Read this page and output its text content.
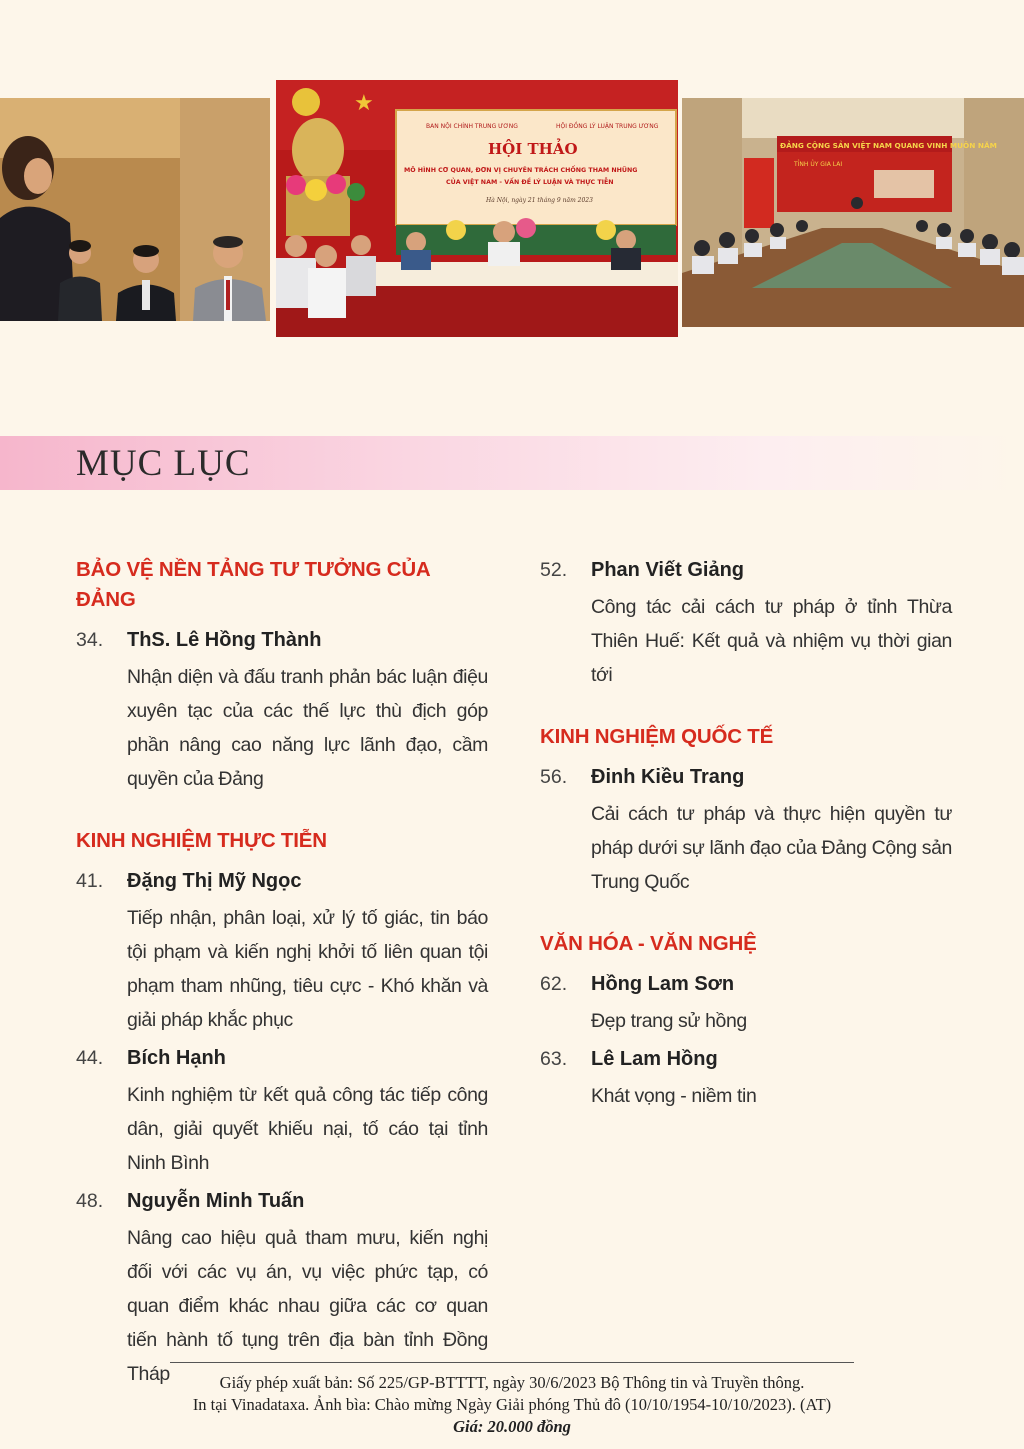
★
BAN NỘI CHÍNH TRUNG ƯƠNG	HỘI ĐỒNG LÝ LUẬN TRUNG ƯƠNG
HỘI THẢO
MÔ HÌNH CƠ QUAN, ĐƠN VỊ CHUYÊN TRÁCH CHỐNG THAM NHŨNG
CỦA VIỆT NAM - VẤN ĐỀ LÝ LUẬN VÀ THỰC TIỄN
Hà Nội, ngày 21 tháng 9 năm 2023
ĐẢNG CỘNG SẢN VIỆT NAM QUANG VINH MUÔN NĂM
TỈNH ỦY GIA LAI
MỤC LỤC
BẢO VỆ NỀN TẢNG TƯ TƯỞNG CỦA ĐẢNG
34.	ThS. Lê Hồng Thành
Nhận diện và đấu tranh phản bác luận điệu xuyên tạc của các thế lực thù địch góp phần nâng cao năng lực lãnh đạo, cầm quyền của Đảng
KINH NGHIỆM THỰC TIỄN
41.	Đặng Thị Mỹ Ngọc
Tiếp nhận, phân loại, xử lý tố giác, tin báo tội phạm và kiến nghị khởi tố liên quan tội phạm tham nhũng, tiêu cực - Khó khăn và giải pháp khắc phục
44.	Bích Hạnh
Kinh nghiệm từ kết quả công tác tiếp công dân, giải quyết khiếu nại, tố cáo tại tỉnh Ninh Bình
48.	Nguyễn Minh Tuấn
Nâng cao hiệu quả tham mưu, kiến nghị đối với các vụ án, vụ việc phức tạp, có quan điểm khác nhau giữa các cơ quan tiến hành tố tụng trên địa bàn tỉnh Đồng Tháp
52.	Phan Viết Giảng
Công tác cải cách tư pháp ở tỉnh Thừa Thiên Huế: Kết quả và nhiệm vụ thời gian tới
KINH NGHIỆM QUỐC TẾ
56.	Đinh Kiều Trang
Cải cách tư pháp và thực hiện quyền tư pháp dưới sự lãnh đạo của Đảng Cộng sản Trung Quốc
VĂN HÓA - VĂN NGHỆ
62.	Hồng Lam Sơn
Đẹp trang sử hồng
63.	Lê Lam Hồng
Khát vọng - niềm tin
Giấy phép xuất bản: Số 225/GP-BTTTT, ngày 30/6/2023 Bộ Thông tin và Truyền thông.
In tại Vinadataxa. Ảnh bìa: Chào mừng Ngày Giải phóng Thủ đô (10/10/1954-10/10/2023). (AT)
Giá: 20.000 đồng
